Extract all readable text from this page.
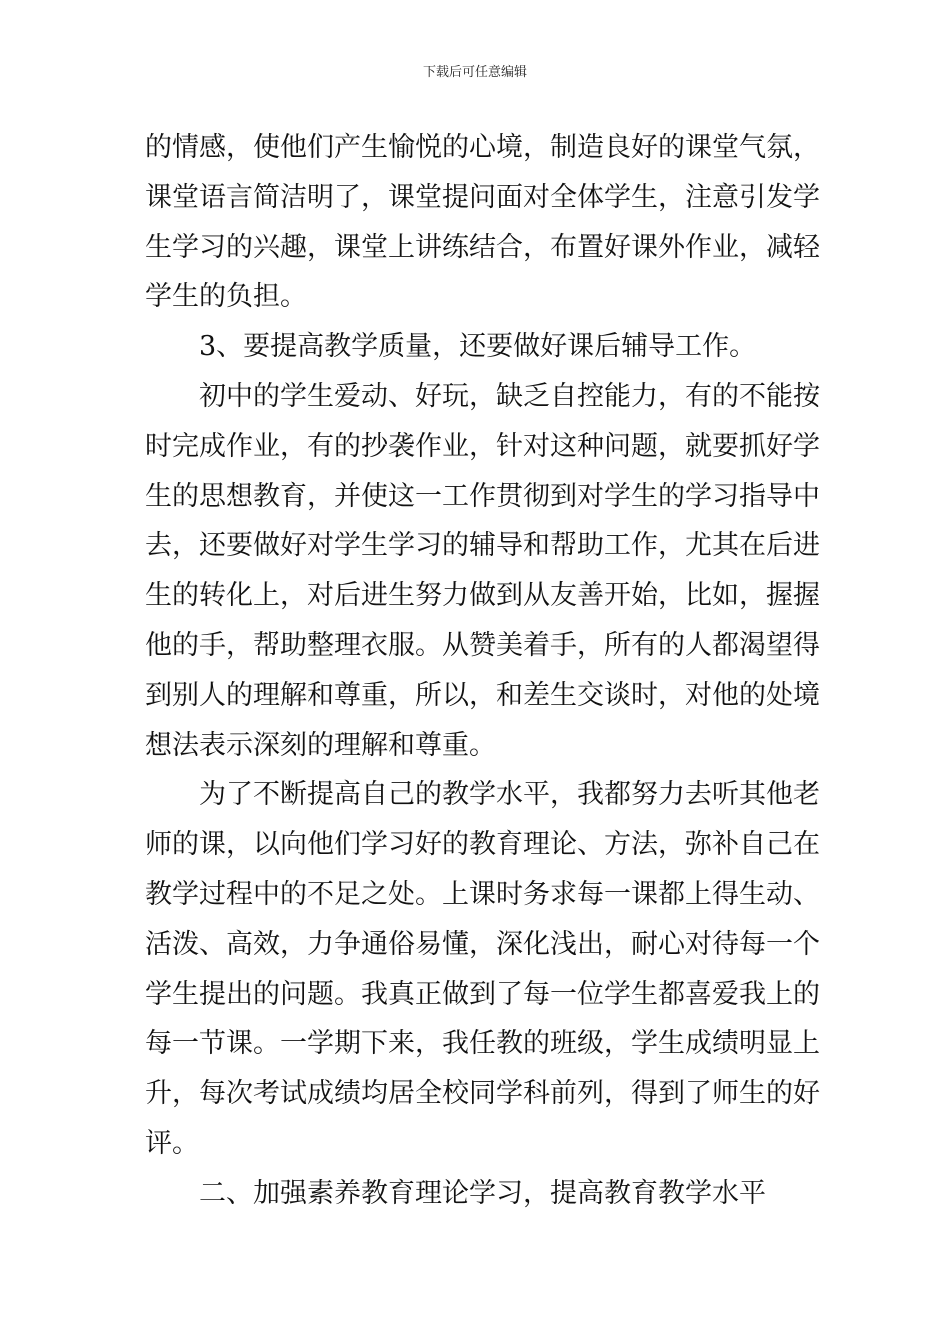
下载后可任意编辑
的情感，使他们产生愉悦的心境，制造良好的课堂气氛，
课堂语言简洁明了，课堂提问面对全体学生，注意引发学
生学习的兴趣，课堂上讲练结合，布置好课外作业，减轻
学生的负担。
3、要提高教学质量，还要做好课后辅导工作。
初中的学生爱动、好玩，缺乏自控能力，有的不能按
时完成作业，有的抄袭作业，针对这种问题，就要抓好学
生的思想教育，并使这一工作贯彻到对学生的学习指导中
去，还要做好对学生学习的辅导和帮助工作，尤其在后进
生的转化上，对后进生努力做到从友善开始，比如，握握
他的手，帮助整理衣服。从赞美着手，所有的人都渴望得
到别人的理解和尊重，所以，和差生交谈时，对他的处境
想法表示深刻的理解和尊重。
为了不断提高自己的教学水平，我都努力去听其他老
师的课，以向他们学习好的教育理论、方法，弥补自己在
教学过程中的不足之处。上课时务求每一课都上得生动、
活泼、高效，力争通俗易懂，深化浅出，耐心对待每一个
学生提出的问题。我真正做到了每一位学生都喜爱我上的
每一节课。一学期下来，我任教的班级，学生成绩明显上
升，每次考试成绩均居全校同学科前列，得到了师生的好
评。
二、加强素养教育理论学习，提高教育教学水平
